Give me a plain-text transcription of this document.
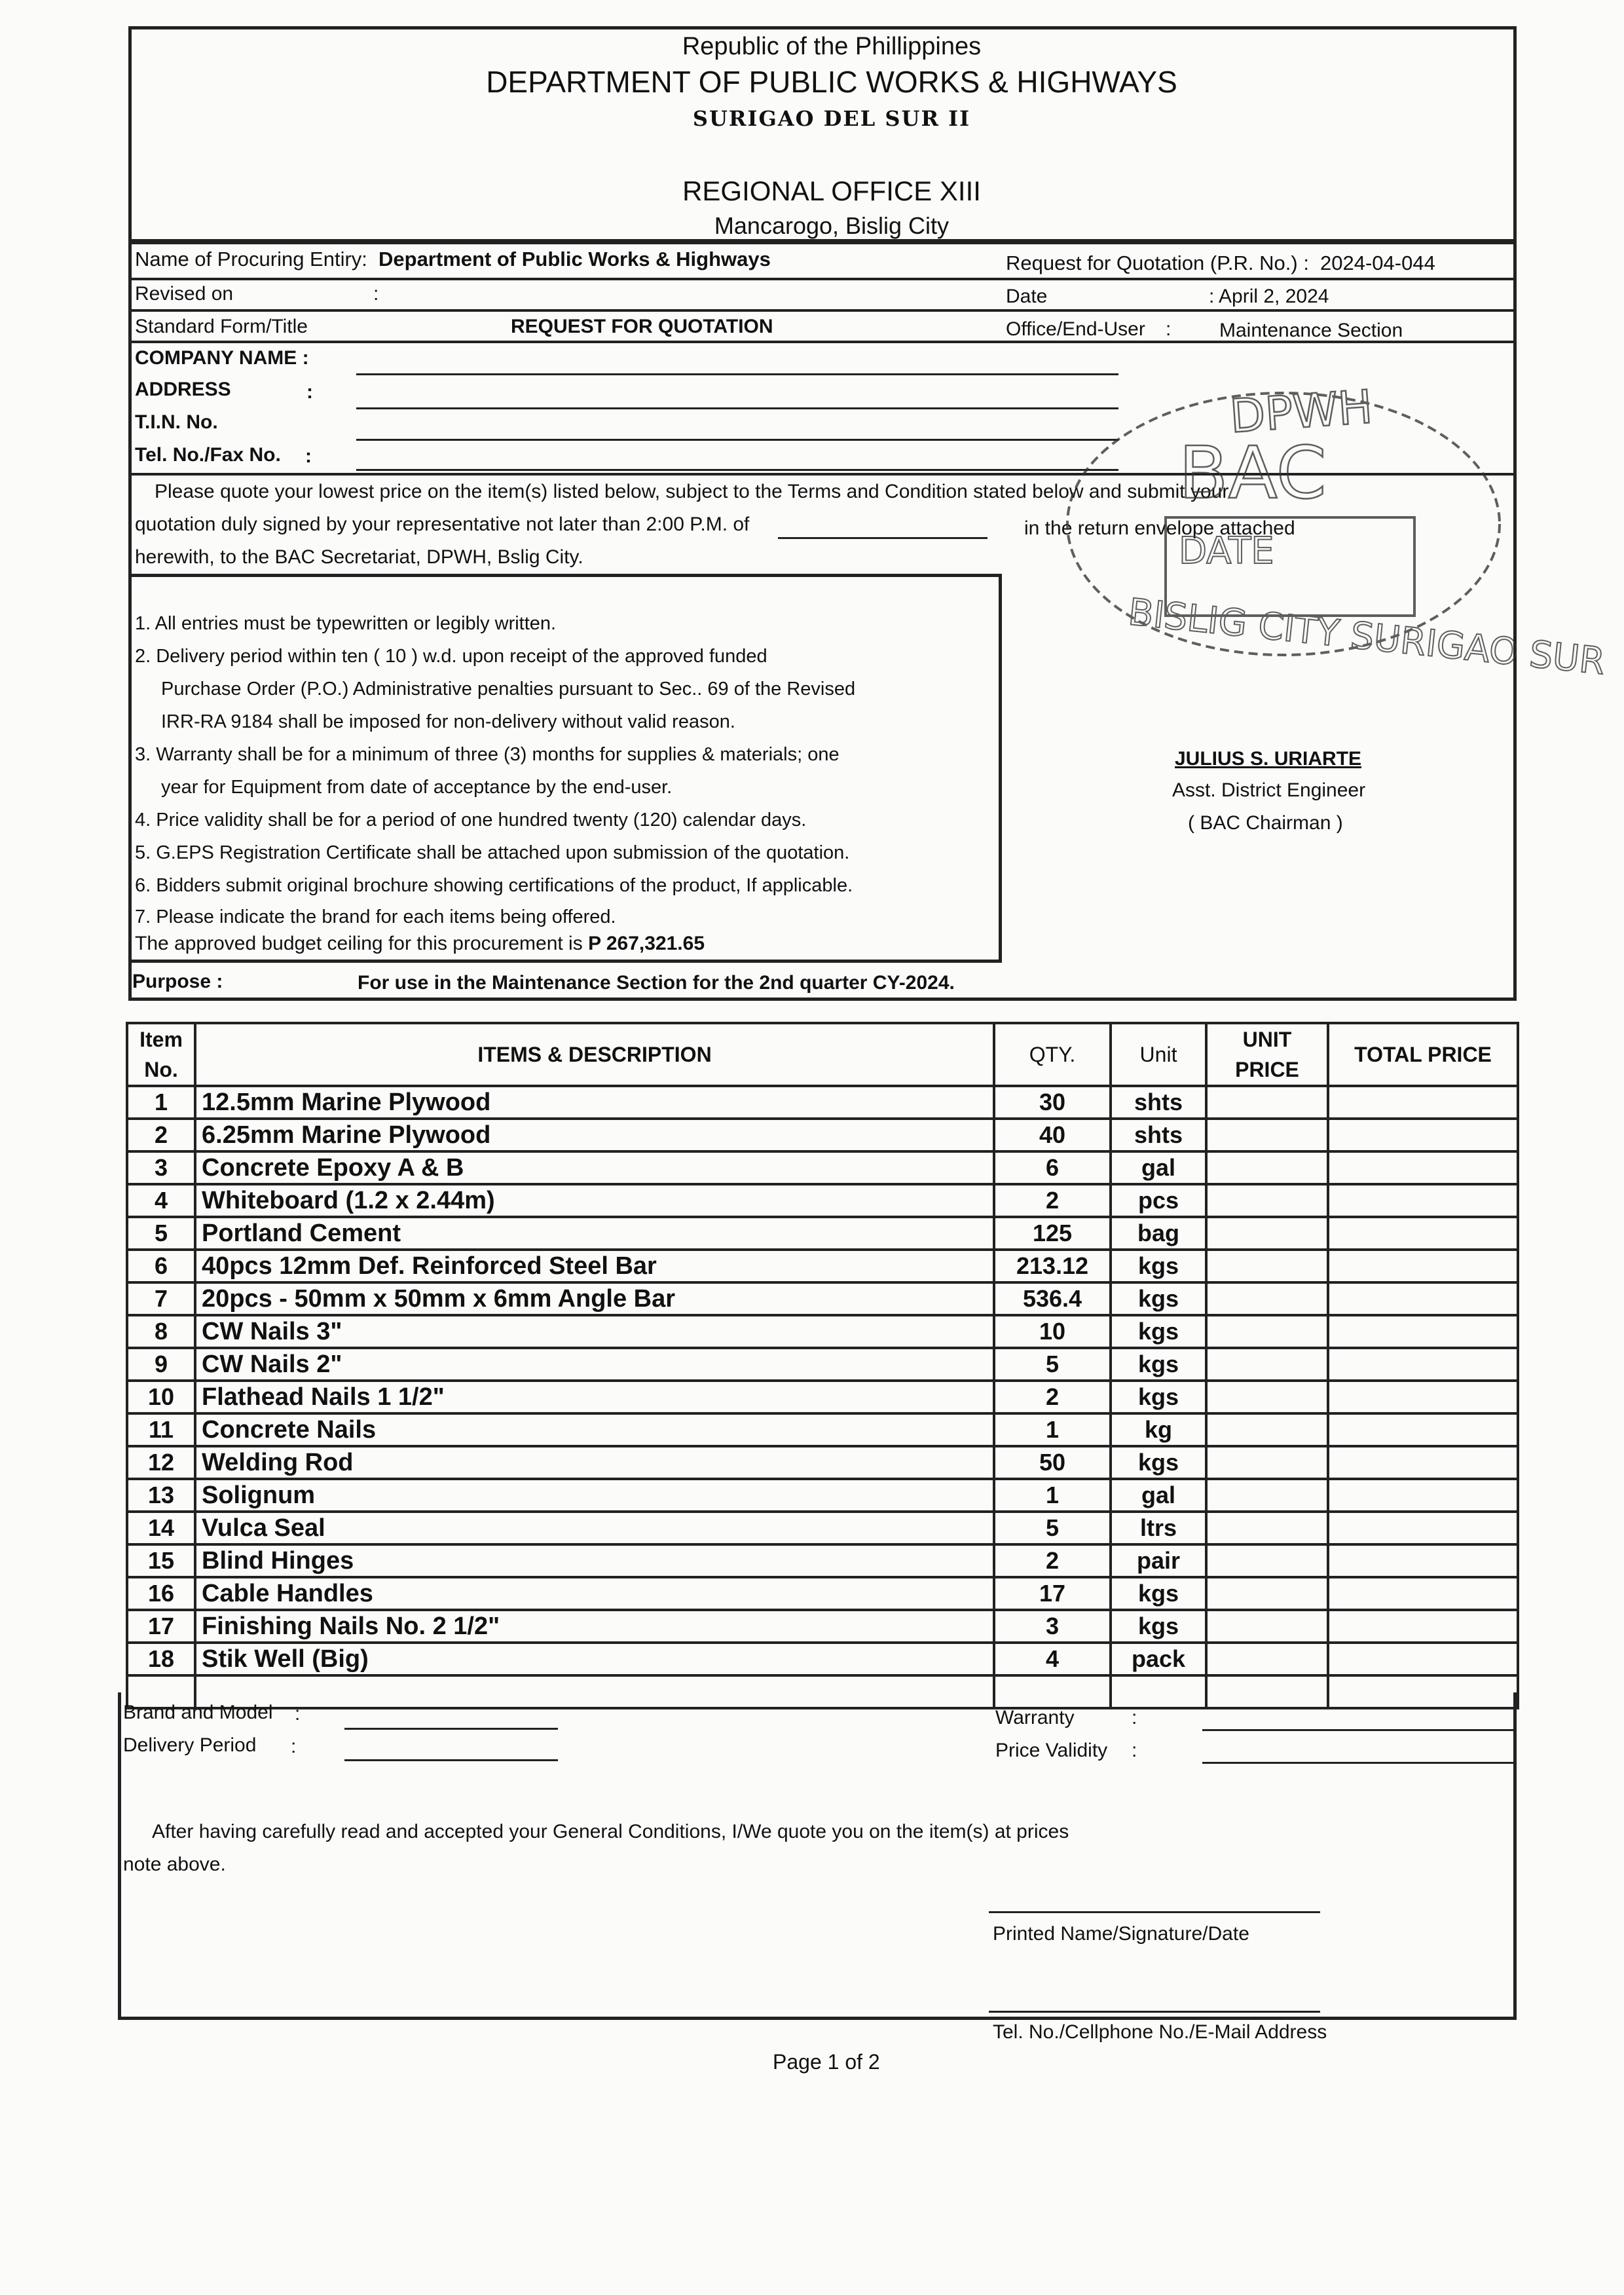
Republic of the Phillippines
DEPARTMENT OF PUBLIC WORKS & HIGHWAYS
SURIGAO DEL SUR II
REGIONAL OFFICE XIII
Mancarogo, Bislig City
Name of Procuring Entiry: Department of Public Works & Highways	Request for Quotation (P.R. No.) : 2024-04-044
Revised on	:	Date	: April 2, 2024
Standard Form/Title	REQUEST FOR QUOTATION	Office/End-User : Maintenance Section
COMPANY NAME :
ADDRESS	:
T.I.N. No.
Tel. No./Fax No. :
Please quote your lowest price on the item(s) listed below, subject to the Terms and Condition stated below and submit your
quotation duly signed by your representative not later than 2:00 P.M. of	in the return envelope attached
herewith, to the BAC Secretariat, DPWH, Bslig City.
1. All entries must be typewritten or legibly written.
2. Delivery period within ten ( 10 ) w.d. upon receipt of the approved funded
Purchase Order (P.O.) Administrative penalties pursuant to Sec.. 69 of the Revised
IRR-RA 9184 shall be imposed for non-delivery without valid reason.
3. Warranty shall be for a minimum of three (3) months for supplies & materials; one
year for Equipment from date of acceptance by the end-user.
4. Price validity shall be for a period of one hundred twenty (120) calendar days.
5. G.EPS Registration Certificate shall be attached upon submission of the quotation.
6. Bidders submit original brochure showing certifications of the product, If applicable.
7. Please indicate the brand for each items being offered.
The approved budget ceiling for this procurement is P 267,321.65
DPWH
BAC
DATE
BISLIG CITY SURIGAO SUR
JULIUS S. URIARTE
Asst. District Engineer
( BAC Chairman )
Purpose :	For use in the Maintenance Section for the 2nd quarter CY-2024.
Item No.	ITEMS & DESCRIPTION	QTY.	Unit	UNIT PRICE	TOTAL PRICE
1	12.5mm Marine Plywood	30	shts		
2	6.25mm Marine Plywood	40	shts		
3	Concrete Epoxy A & B	6	gal		
4	Whiteboard (1.2 x 2.44m)	2	pcs		
5	Portland Cement	125	bag		
6	40pcs 12mm Def. Reinforced Steel Bar	213.12	kgs		
7	20pcs - 50mm x 50mm x 6mm Angle Bar	536.4	kgs		
8	CW Nails 3"	10	kgs		
9	CW Nails 2"	5	kgs		
10	Flathead Nails 1 1/2"	2	kgs		
11	Concrete Nails	1	kg		
12	Welding Rod	50	kgs		
13	Solignum	1	gal		
14	Vulca Seal	5	ltrs		
15	Blind Hinges	2	pair		
16	Cable Handles	17	kgs		
17	Finishing Nails No. 2 1/2"	3	kgs		
18	Stik Well (Big)	4	pack		

Brand and Model :
Delivery Period :
Warranty	:
Price Validity :
After having carefully read and accepted your General Conditions, I/We quote you on the item(s) at prices
note above.
Printed Name/Signature/Date
Tel. No./Cellphone No./E-Mail Address
Page 1 of 2
